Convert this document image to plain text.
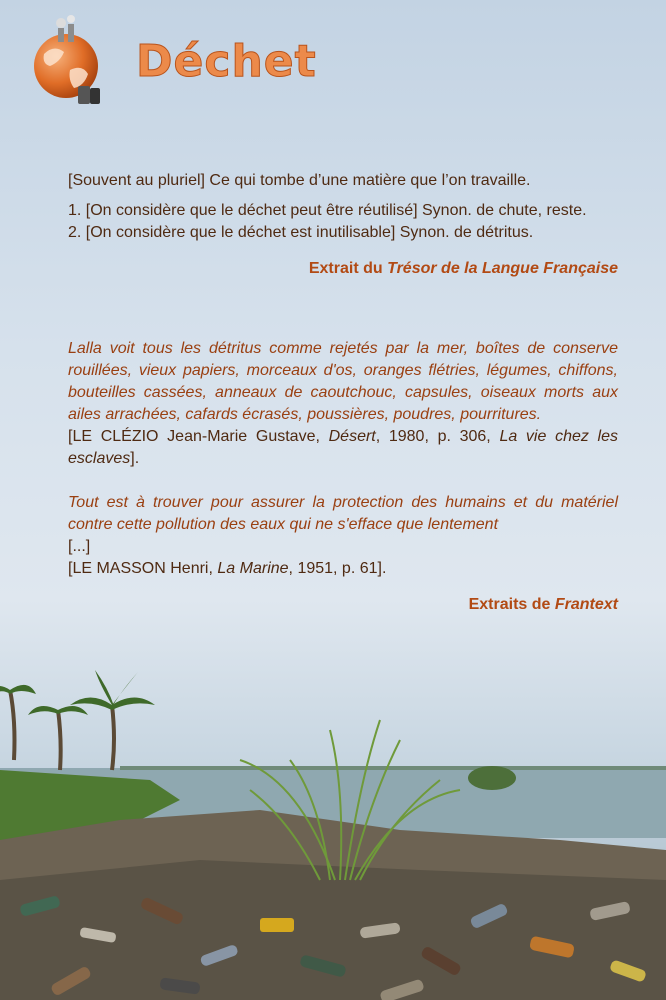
Déchet

[Souvent au pluriel] Ce qui tombe d’une matière que l’on travaille.

1. [On considère que le déchet peut être réutilisé] Synon. de chute, reste.

2. [On considère que le déchet est inutilisable] Synon. de détritus.

Extrait du Trésor de la Langue Française

Lalla voit tous les détritus comme rejetés par la mer, boîtes de conserve rouillées, vieux papiers, morceaux d'os, oranges flétries, légumes, chiffons, bouteilles cassées, anneaux de caoutchouc, capsules, oiseaux morts aux ailes arrachées, cafards écrasés, poussières, poudres, pourritures.

[LE CLÉZIO Jean-Marie Gustave, Désert, 1980, p. 306, La vie chez les esclaves].

Tout est à trouver pour assurer la protection des humains et du matériel contre cette pollution des eaux qui ne s'efface que lentement

[...]

[LE MASSON Henri, La Marine, 1951, p. 61].

Extraits de Frantext
